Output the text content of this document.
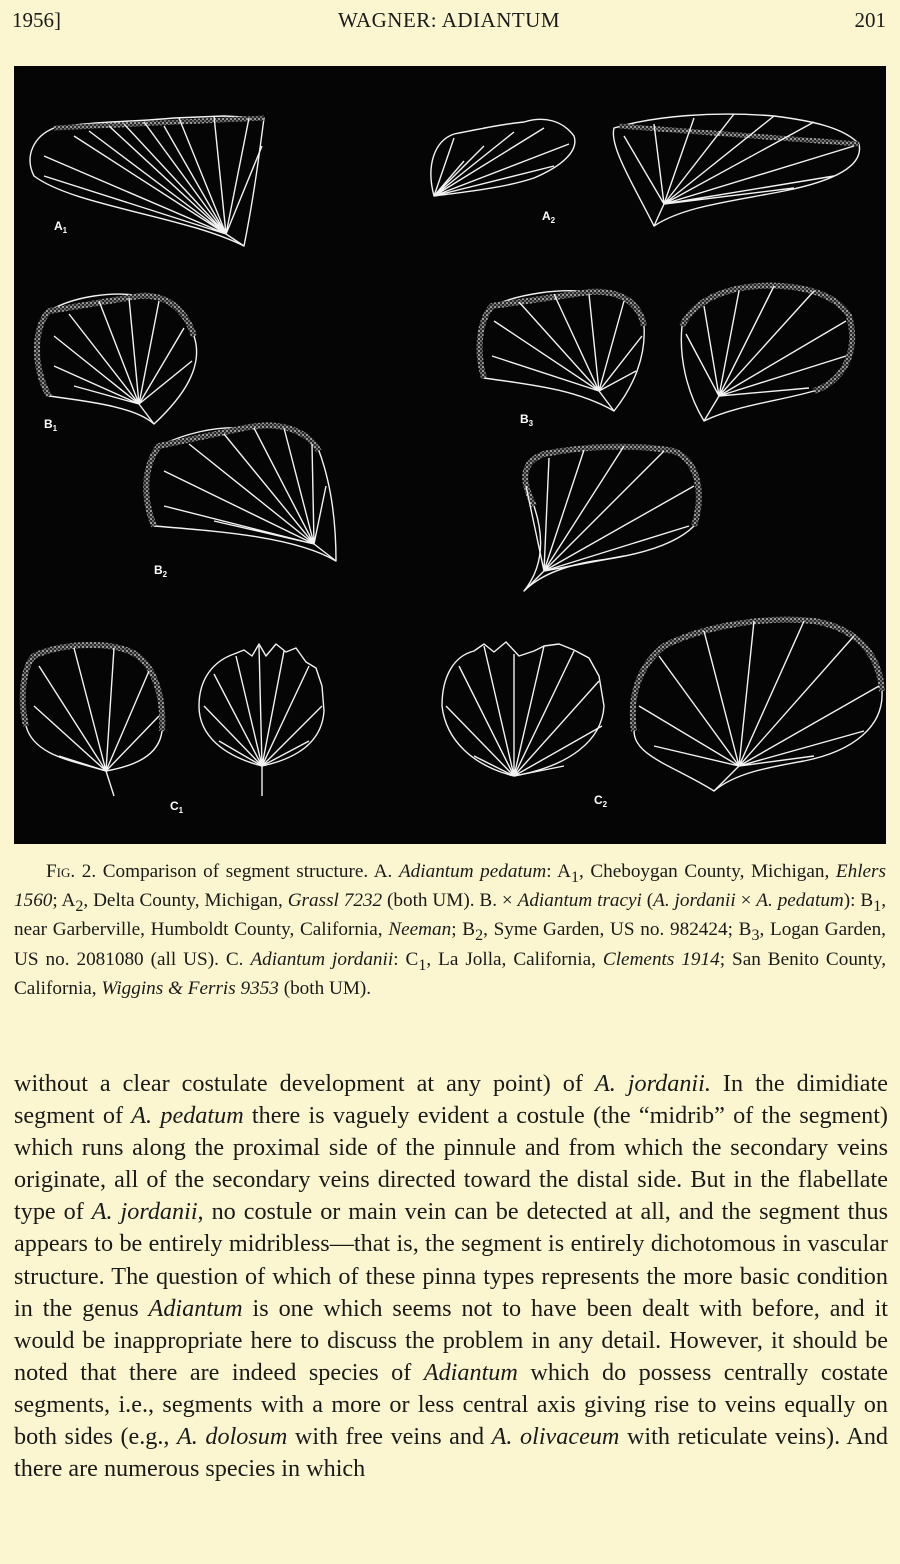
1956]	WAGNER: ADIANTUM	201
$A_1$
$A_2$
$B_1$
$B_2$
$B_3$
$C_1$
$C_2$
Fig. 2. Comparison of segment structure. A. Adiantum pedatum: $A_1$, Cheboygan County, Michigan, Ehlers 1560; $A_2$, Delta County, Michigan, Grassl 7232 (both UM). B. × Adiantum tracyi (A. jordanii × A. pedatum): $B_1$, near Garberville, Humboldt County, California, Neeman; $B_2$, Syme Garden, US no. 982424; $B_3$, Logan Garden, US no. 2081080 (all US). C. Adiantum jordanii: $C_1$, La Jolla, California, Clements 1914; San Benito County, California, Wiggins & Ferris 9353 (both UM).
without a clear costulate development at any point) of A. jordanii. In the dimidiate segment of A. pedatum there is vaguely evident a costule (the “midrib” of the segment) which runs along the proximal side of the pinnule and from which the secondary veins originate, all of the secondary veins directed toward the distal side. But in the flabellate type of A. jordanii, no costule or main vein can be detected at all, and the segment thus appears to be entirely midribless—that is, the segment is entirely dichotomous in vascular structure. The question of which of these pinna types represents the more basic condition in the genus Adiantum is one which seems not to have been dealt with before, and it would be inappropriate here to discuss the problem in any detail. However, it should be noted that there are indeed species of Adiantum which do possess centrally costate segments, i.e., segments with a more or less central axis giving rise to veins equally on both sides (e.g., A. dolosum with free veins and A. olivaceum with reticulate veins). And there are numerous species in which
